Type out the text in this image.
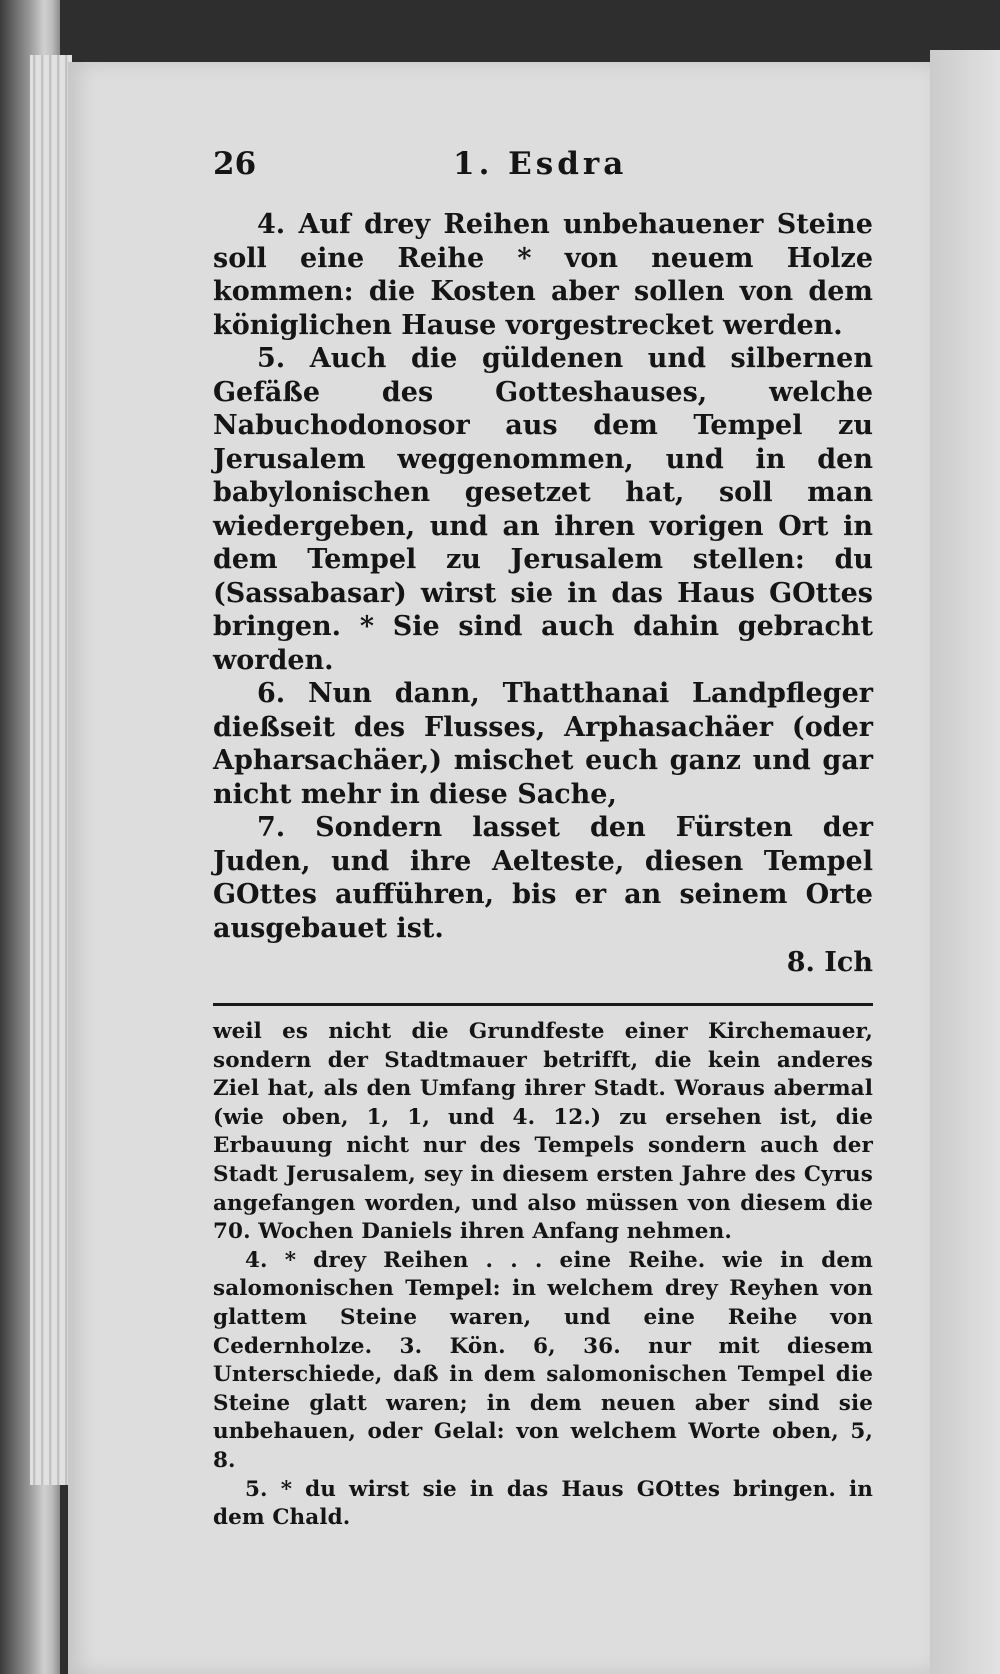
26	1. Esdra

4. Auf drey Reihen unbehauener Steine soll eine Reihe * von neuem Holze kommen: die Kosten aber sollen von dem königlichen Hause vorgestrecket werden.

5. Auch die güldenen und silbernen Gefäße des Gotteshauses, welche Nabuchodonosor aus dem Tempel zu Jerusalem weggenommen, und in den babylonischen gesetzet hat, soll man wiedergeben, und an ihren vorigen Ort in dem Tempel zu Jerusalem stellen: du (Sassabasar) wirst sie in das Haus GOttes bringen. * Sie sind auch dahin gebracht worden.

6. Nun dann, Thatthanai Landpfleger dießseit des Flusses, Arphasachäer (oder Apharsachäer,) mischet euch ganz und gar nicht mehr in diese Sache,

7. Sondern lasset den Fürsten der Juden, und ihre Aelteste, diesen Tempel GOttes aufführen, bis er an seinem Orte ausgebauet ist.

8. Ich

weil es nicht die Grundfeste einer Kirchemauer, sondern der Stadtmauer betrifft, die kein anderes Ziel hat, als den Umfang ihrer Stadt. Woraus abermal (wie oben, 1, 1, und 4. 12.) zu ersehen ist, die Erbauung nicht nur des Tempels sondern auch der Stadt Jerusalem, sey in diesem ersten Jahre des Cyrus angefangen worden, und also müssen von diesem die 70. Wochen Daniels ihren Anfang nehmen.

4. * drey Reihen . . . eine Reihe. wie in dem salomonischen Tempel: in welchem drey Reyhen von glattem Steine waren, und eine Reihe von Cedernholze. 3. Kön. 6, 36. nur mit diesem Unterschiede, daß in dem salomonischen Tempel die Steine glatt waren; in dem neuen aber sind sie unbehauen, oder Gelal: von welchem Worte oben, 5, 8.

5. * du wirst sie in das Haus GOttes bringen. in dem Chald.
